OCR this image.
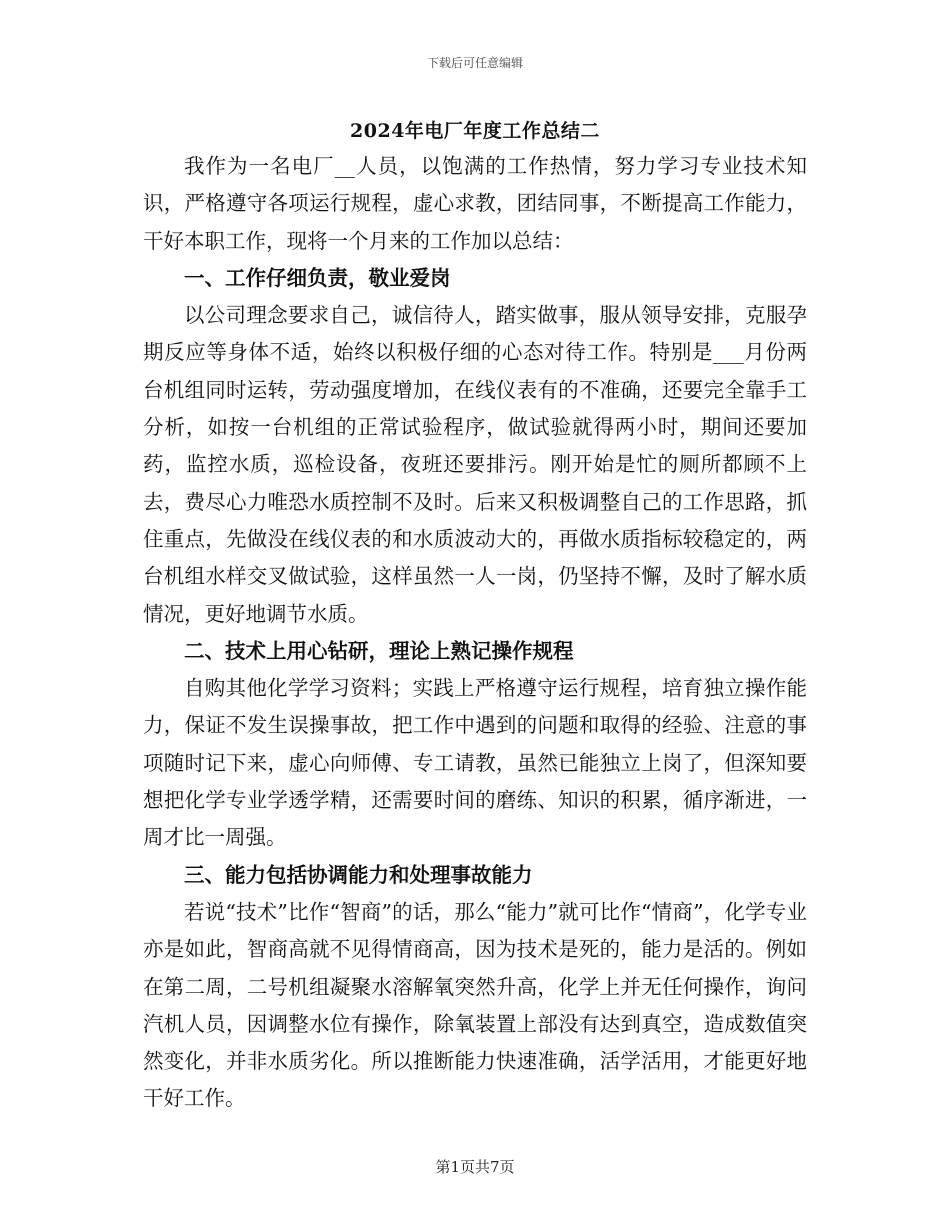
下载后可任意编辑
2024年电厂年度工作总结二

我作为一名电厂__人员，以饱满的工作热情，努力学习专业技术知识，严格遵守各项运行规程，虚心求教，团结同事，不断提高工作能力，干好本职工作，现将一个月来的工作加以总结：

一、工作仔细负责，敬业爱岗

以公司理念要求自己，诚信待人，踏实做事，服从领导安排，克服孕期反应等身体不适，始终以积极仔细的心态对待工作。特别是___月份两台机组同时运转，劳动强度增加，在线仪表有的不准确，还要完全靠手工分析，如按一台机组的正常试验程序，做试验就得两小时，期间还要加药，监控水质，巡检设备，夜班还要排污。刚开始是忙的厕所都顾不上去，费尽心力唯恐水质控制不及时。后来又积极调整自己的工作思路，抓住重点，先做没在线仪表的和水质波动大的，再做水质指标较稳定的，两台机组水样交叉做试验，这样虽然一人一岗，仍坚持不懈，及时了解水质情况，更好地调节水质。

二、技术上用心钻研，理论上熟记操作规程

自购其他化学学习资料；实践上严格遵守运行规程，培育独立操作能力，保证不发生误操事故，把工作中遇到的问题和取得的经验、注意的事项随时记下来，虚心向师傅、专工请教，虽然已能独立上岗了，但深知要想把化学专业学透学精，还需要时间的磨练、知识的积累，循序渐进，一周才比一周强。

三、能力包括协调能力和处理事故能力

若说“技术”比作“智商”的话，那么“能力”就可比作“情商”，化学专业亦是如此，智商高就不见得情商高，因为技术是死的，能力是活的。例如在第二周，二号机组凝聚水溶解氧突然升高，化学上并无任何操作，询问汽机人员，因调整水位有操作，除氧装置上部没有达到真空，造成数值突然变化，并非水质劣化。所以推断能力快速准确，活学活用，才能更好地干好工作。

第1页共7页
